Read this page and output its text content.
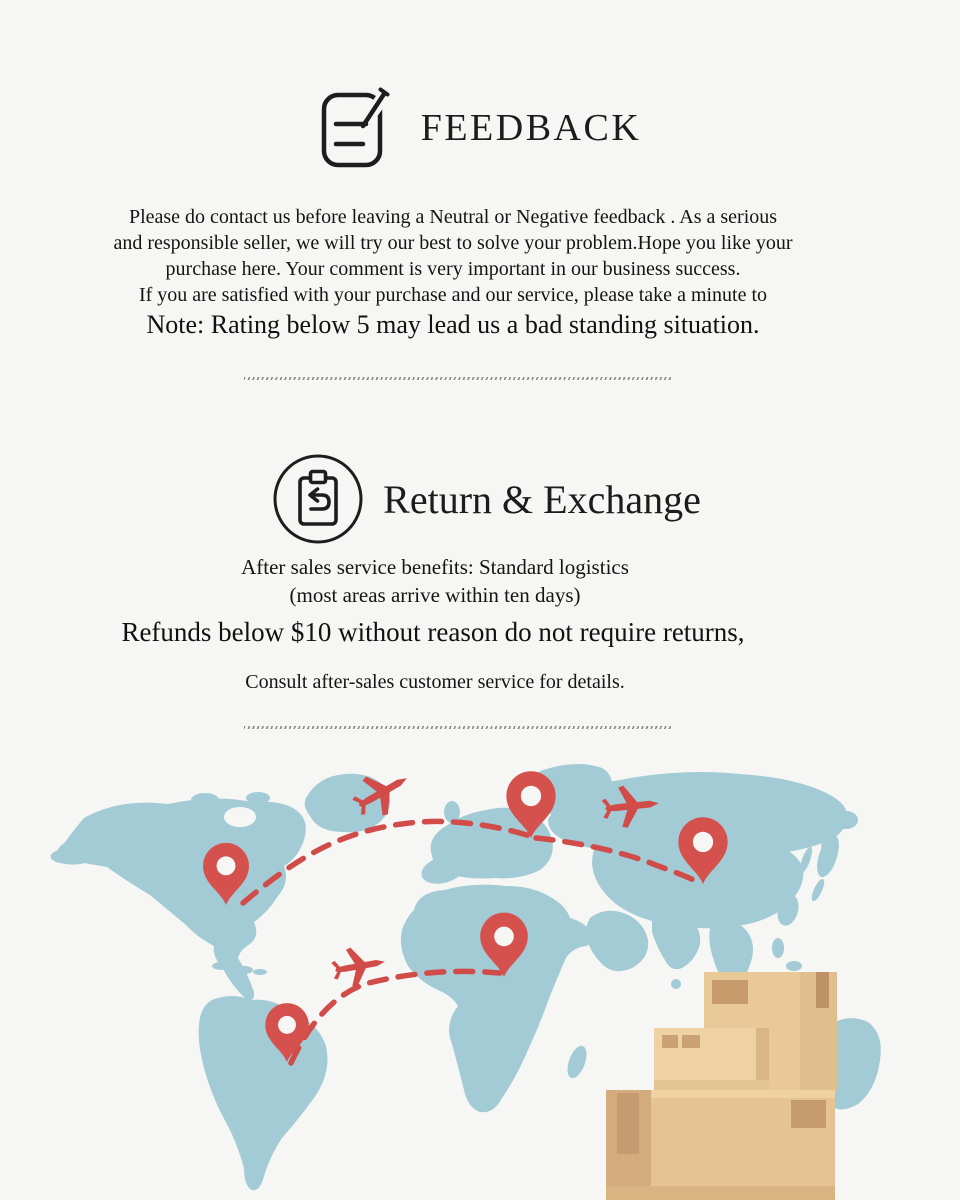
FEEDBACK
Please do contact us before leaving a Neutral or Negative feedback . As a serious
and responsible seller, we will try our best to solve your problem.Hope you like your
purchase here. Your comment is very important in our business success.
If you are satisfied with your purchase and our service, please take a minute to
Note: Rating below 5 may lead us a bad standing situation.
Return & Exchange
After sales service benefits: Standard logistics
(most areas arrive within ten days)
Refunds below $10 without reason do not require returns,
Consult after-sales customer service for details.
